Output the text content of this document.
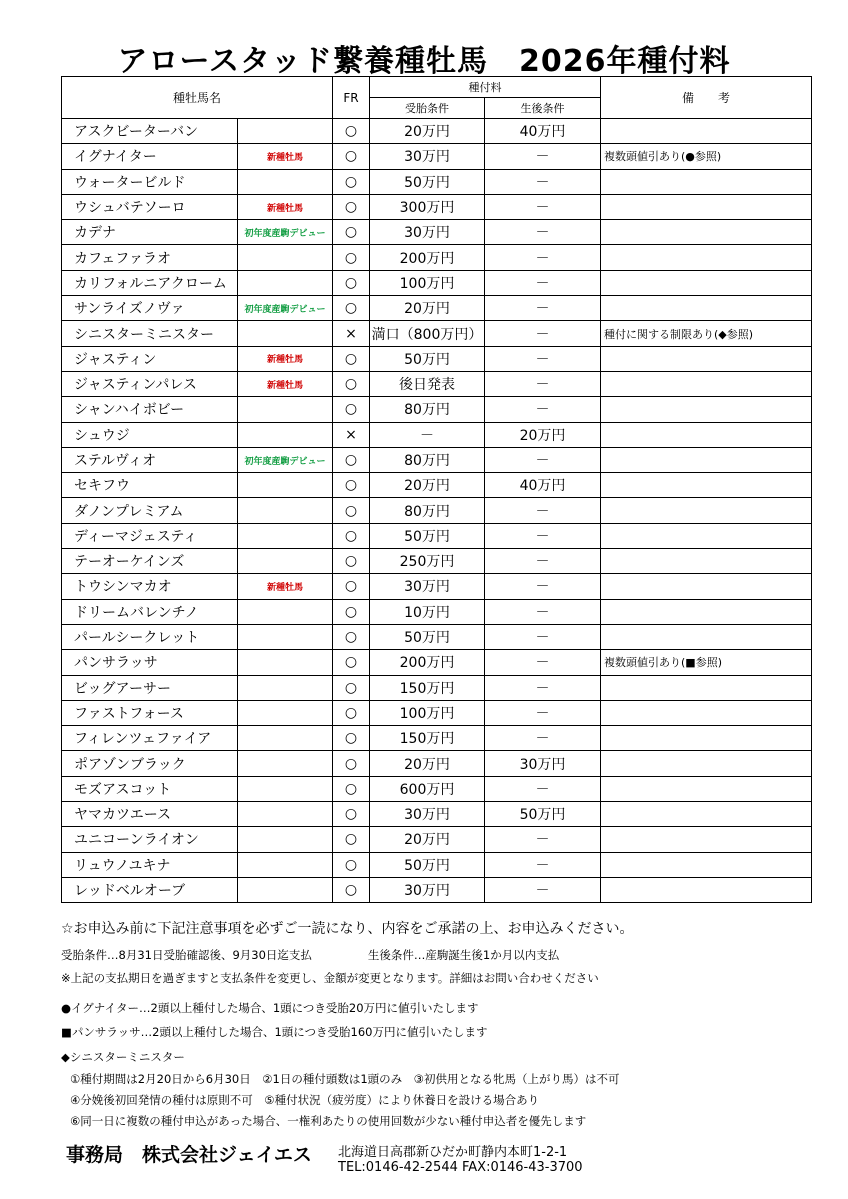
アロースタッド繋養種牡馬　2026年種付料
種牡馬名		FR	種付料		備　　考
			受胎条件	生後条件	
アスクビーターバン		○	20万円	40万円	
イグナイター	新種牡馬	○	30万円	－	複数頭値引あり(●参照)
ウォータービルド		○	50万円	－	
ウシュバテソーロ	新種牡馬	○	300万円	－	
カデナ	初年度産駒デビュー	○	30万円	－	
カフェファラオ		○	200万円	－	
カリフォルニアクローム		○	100万円	－	
サンライズノヴァ	初年度産駒デビュー	○	20万円	－	
シニスターミニスター		×	満口（800万円）	－	種付に関する制限あり(◆参照)
ジャスティン	新種牡馬	○	50万円	－	
ジャスティンパレス	新種牡馬	○	後日発表	－	
シャンハイボビー		○	80万円	－	
シュウジ		×	－	20万円	
ステルヴィオ	初年度産駒デビュー	○	80万円	－	
セキフウ		○	20万円	40万円	
ダノンプレミアム		○	80万円	－	
ディーマジェスティ		○	50万円	－	
テーオーケインズ		○	250万円	－	
トウシンマカオ	新種牡馬	○	30万円	－	
ドリームバレンチノ		○	10万円	－	
パールシークレット		○	50万円	－	
パンサラッサ		○	200万円	－	複数頭値引あり(■参照)
ビッグアーサー		○	150万円	－	
ファストフォース		○	100万円	－	
フィレンツェファイア		○	150万円	－	
ポアゾンブラック		○	20万円	30万円	
モズアスコット		○	600万円	－	
ヤマカツエース		○	30万円	50万円	
ユニコーンライオン		○	20万円	－	
リュウノユキナ		○	50万円	－	
レッドベルオーブ		○	30万円	－	
☆お申込み前に下記注意事項を必ずご一読になり、内容をご承諾の上、お申込みください。
受胎条件…8月31日受胎確認後、9月30日迄支払	生後条件…産駒誕生後1か月以内支払
※上記の支払期日を過ぎますと支払条件を変更し、金額が変更となります。詳細はお問い合わせください
●イグナイター…2頭以上種付した場合、1頭につき受胎20万円に値引いたします
■パンサラッサ…2頭以上種付した場合、1頭につき受胎160万円に値引いたします
◆シニスターミニスター
①種付期間は2月20日から6月30日　②1日の種付頭数は1頭のみ　③初供用となる牝馬（上がり馬）は不可
④分娩後初回発情の種付は原則不可　⑤種付状況（疲労度）により休養日を設ける場合あり
⑥同一日に複数の種付申込があった場合、一権利あたりの使用回数が少ない種付申込者を優先します
事務局　株式会社ジェイエス 北海道日高郡新ひだか町静内本町1-2-1
TEL:0146-42-2544 FAX:0146-43-3700
